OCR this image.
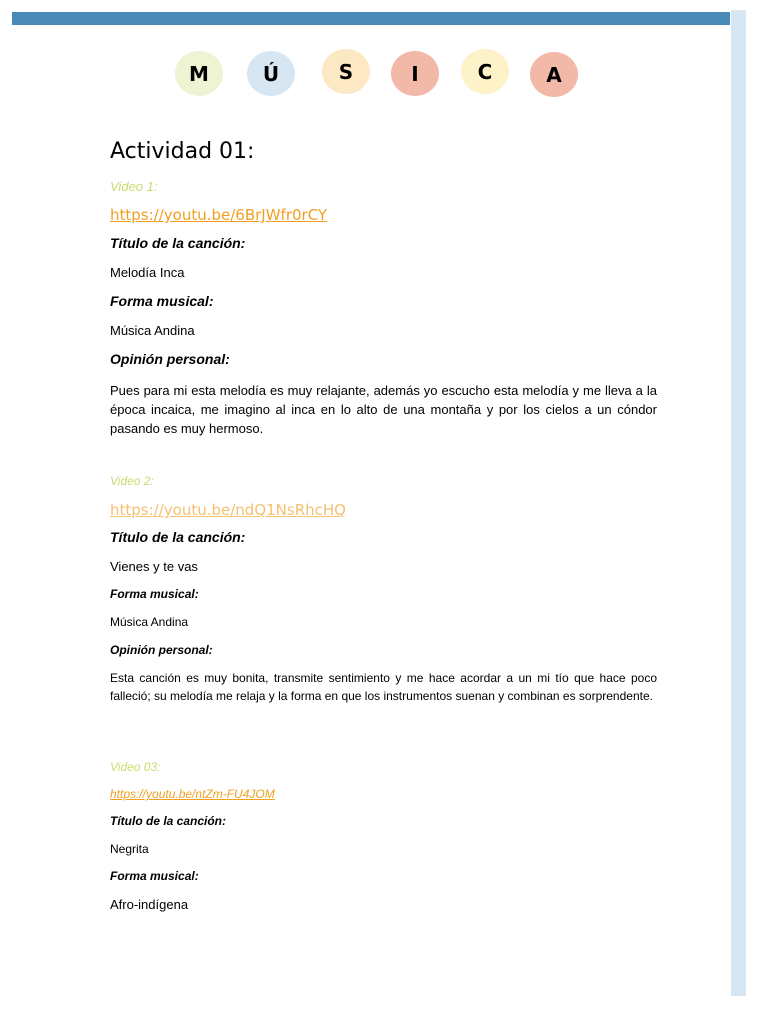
M	Ú	S	I	C	A
Actividad 01:
Video 1:
https://youtu.be/6BrJWfr0rCY
Título de la canción:
Melodía Inca
Forma musical:
Música Andina
Opinión personal:
Pues para mi esta melodía es muy relajante, además yo escucho esta melodía y me lleva a la época incaica, me imagino al inca en lo alto de una montaña y por los cielos a un cóndor pasando es muy hermoso.
Video 2:
https://youtu.be/ndQ1NsRhcHQ
Título de la canción:
Vienes y te vas
Forma musical:
Música Andina
Opinión personal:
Esta canción es muy bonita, transmite sentimiento y me hace acordar a un mi tío que hace poco falleció; su melodía me relaja y la forma en que los instrumentos suenan y combinan es sorprendente.
Video 03:
https://youtu.be/ntZm-FU4JOM
Título de la canción:
Negrita
Forma musical:
Afro-indígena
